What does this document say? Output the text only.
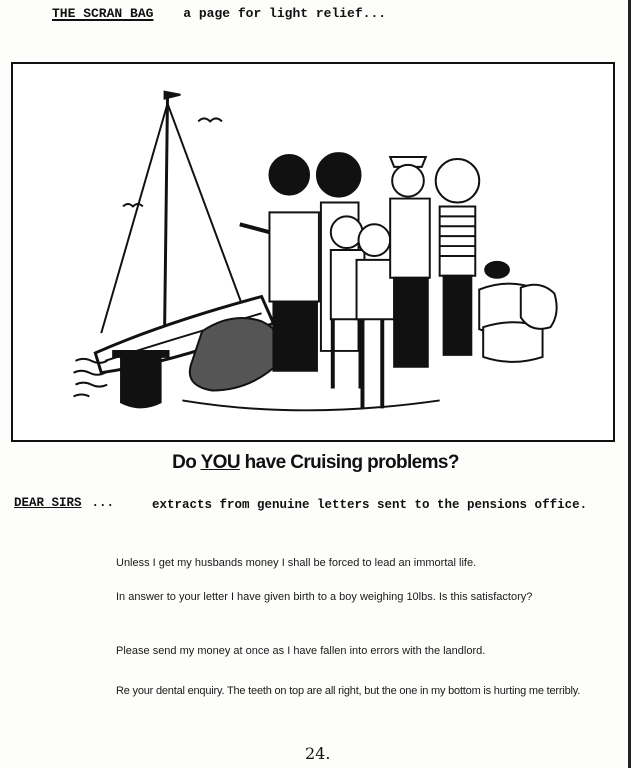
THE SCRAN BAG a page for light relief...
Do YOU have Cruising problems?
DEAR SIRS ...	extracts from genuine letters sent to the pensions office.
Unless I get my husbands money I shall be forced to lead an immortal life.
In answer to your letter I have given birth to a boy weighing 10lbs. Is this satisfactory?
Please send my money at once as I have fallen into errors with the landlord.
Re your dental enquiry. The teeth on top are all right, but the one in my bottom is hurting me terribly.
24.
